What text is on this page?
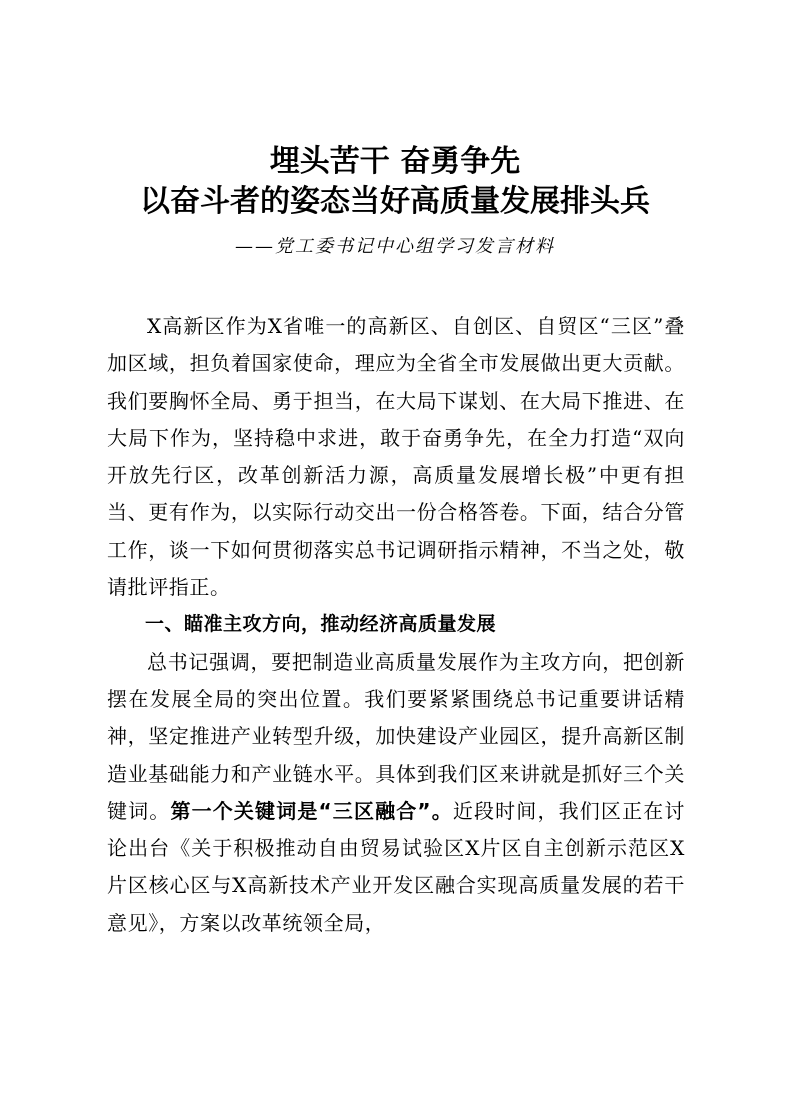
埋头苦干 奋勇争先
以奋斗者的姿态当好高质量发展排头兵
——党工委书记中心组学习发言材料

X高新区作为X省唯一的高新区、自创区、自贸区“三区”叠加区域，担负着国家使命，理应为全省全市发展做出更大贡献。我们要胸怀全局、勇于担当，在大局下谋划、在大局下推进、在大局下作为，坚持稳中求进，敢于奋勇争先，在全力打造“双向开放先行区，改革创新活力源，高质量发展增长极”中更有担当、更有作为，以实际行动交出一份合格答卷。下面，结合分管工作，谈一下如何贯彻落实总书记调研指示精神，不当之处，敬请批评指正。

一、瞄准主攻方向，推动经济高质量发展

总书记强调，要把制造业高质量发展作为主攻方向，把创新摆在发展全局的突出位置。我们要紧紧围绕总书记重要讲话精神，坚定推进产业转型升级，加快建设产业园区，提升高新区制造业基础能力和产业链水平。具体到我们区来讲就是抓好三个关键词。第一个关键词是“三区融合”。近段时间，我们区正在讨论出台《关于积极推动自由贸易试验区X片区自主创新示范区X片区核心区与X高新技术产业开发区融合实现高质量发展的若干意见》，方案以改革统领全局，
